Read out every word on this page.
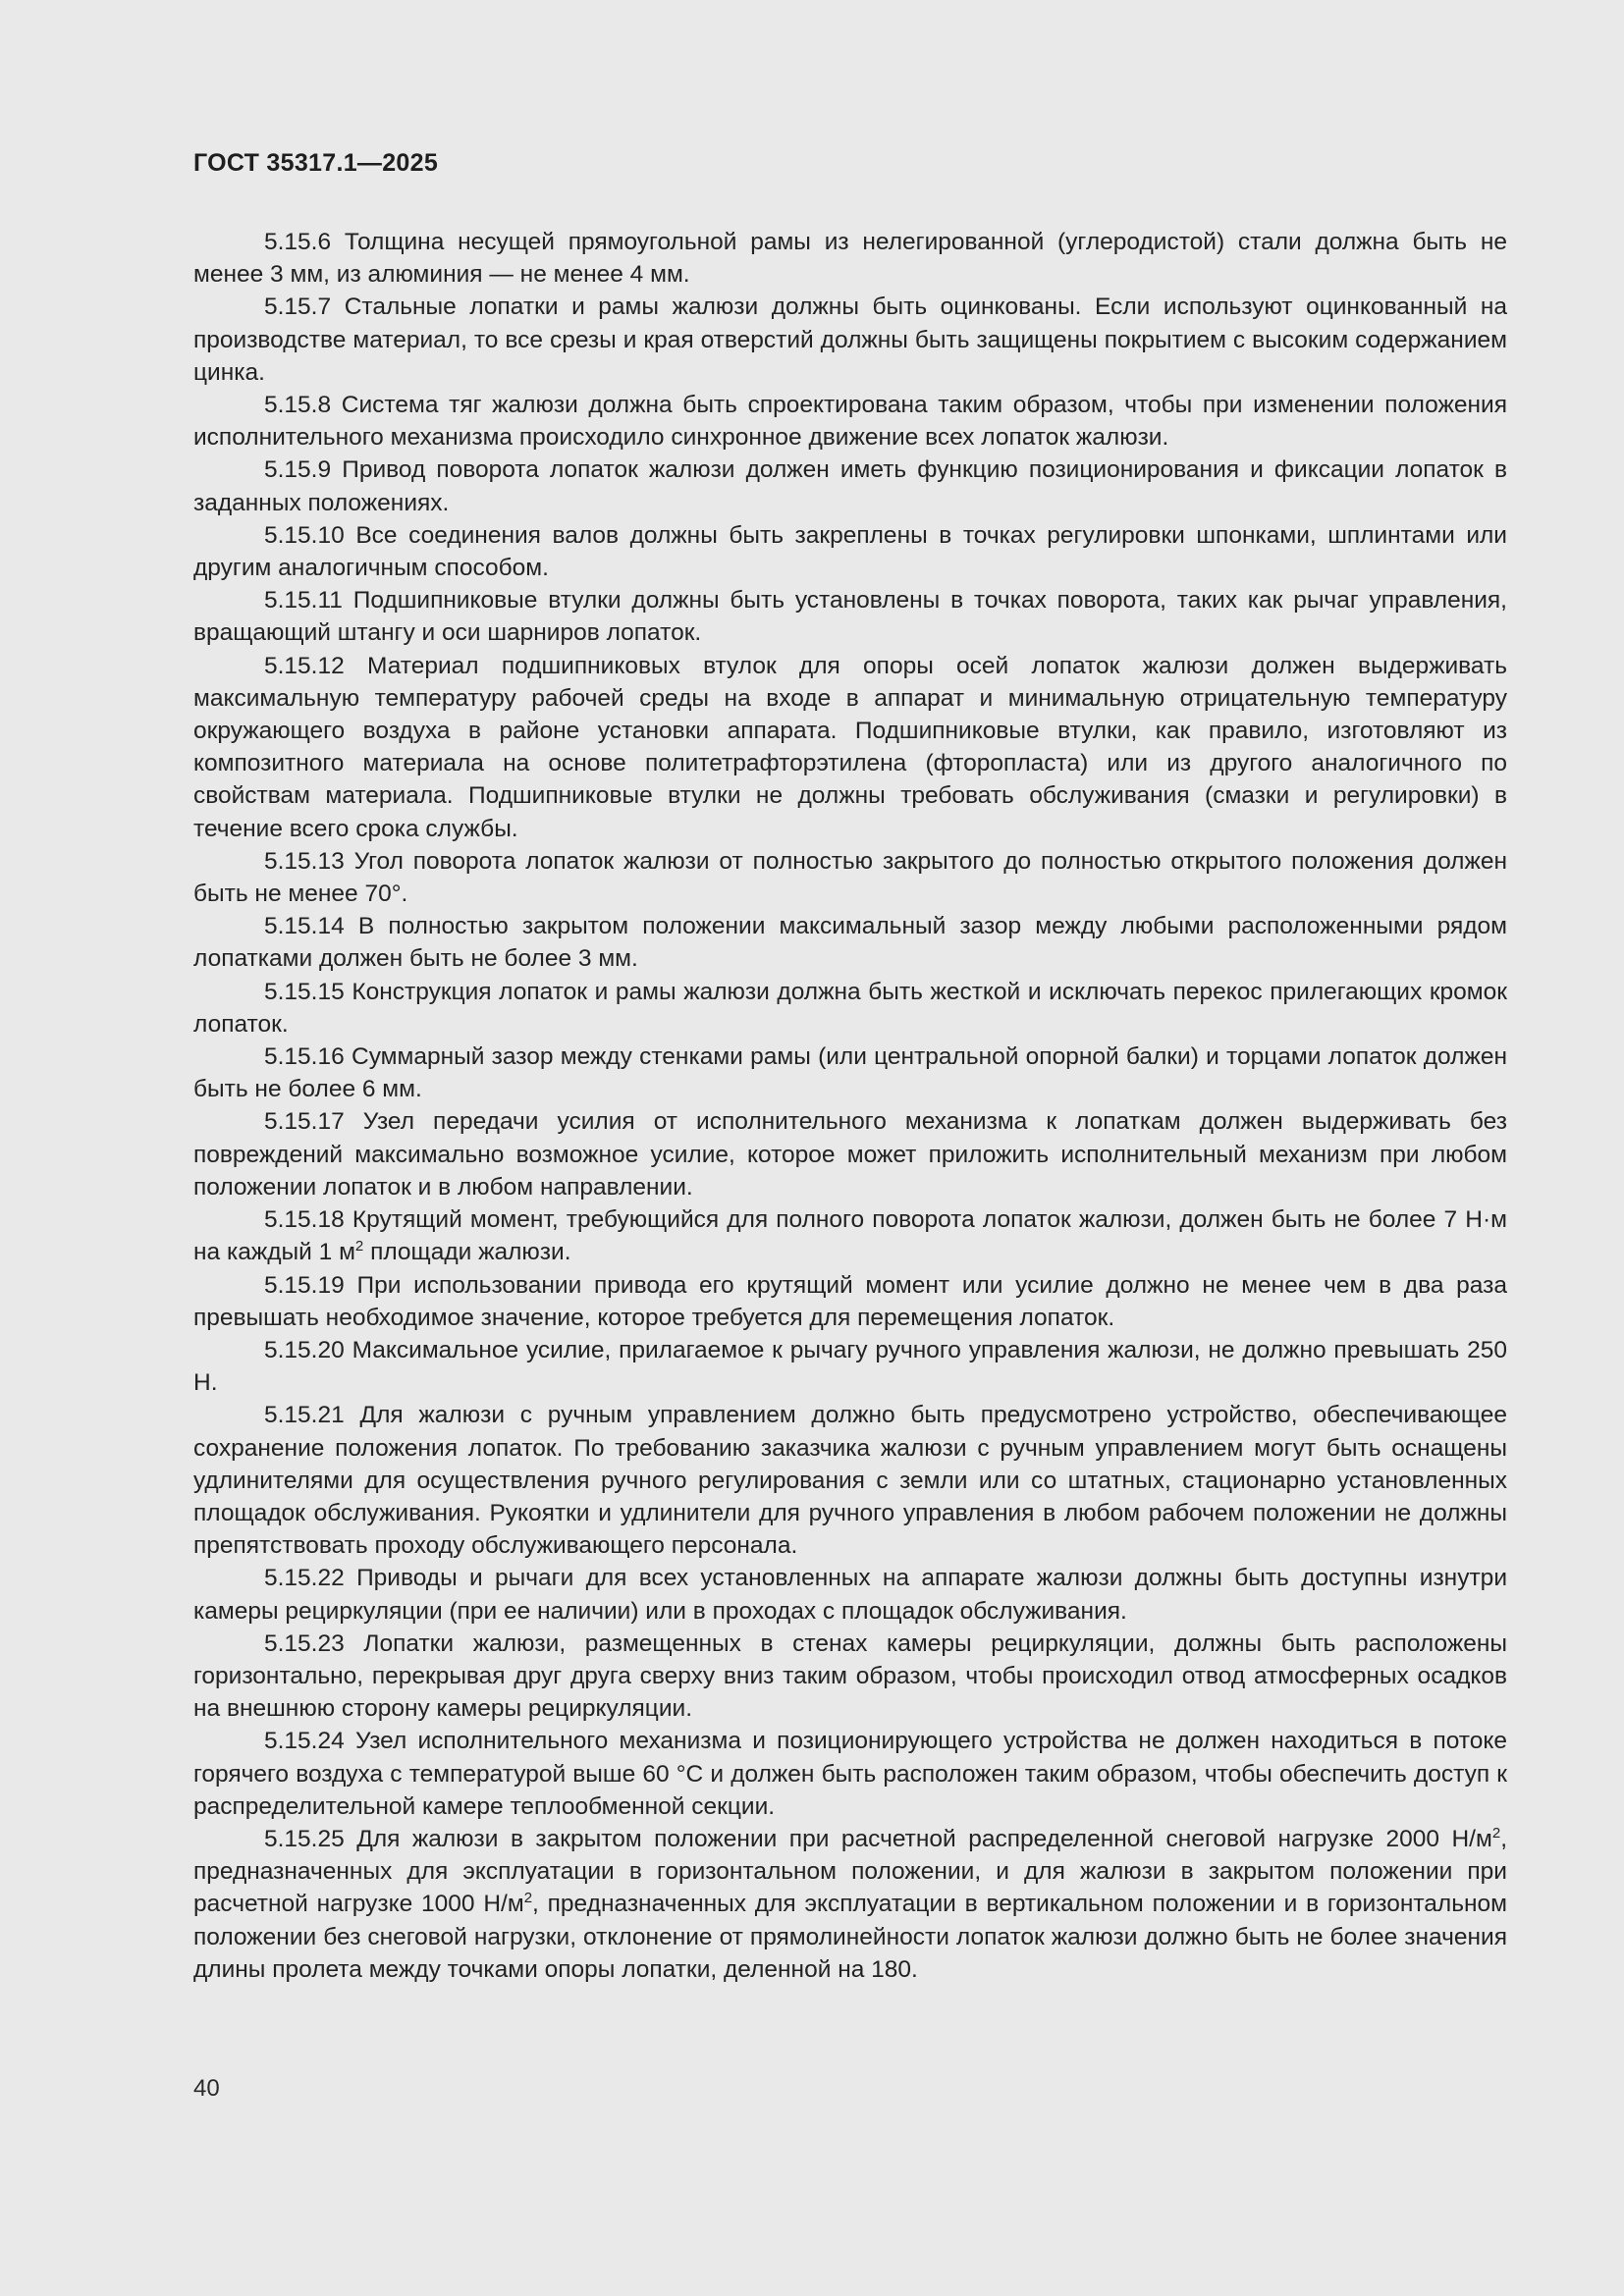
ГОСТ 35317.1—2025

5.15.6 Толщина несущей прямоугольной рамы из нелегированной (углеродистой) стали должна быть не менее 3 мм, из алюминия — не менее 4 мм.

5.15.7 Стальные лопатки и рамы жалюзи должны быть оцинкованы. Если используют оцинкованный на производстве материал, то все срезы и края отверстий должны быть защищены покрытием с высоким содержанием цинка.

5.15.8 Система тяг жалюзи должна быть спроектирована таким образом, чтобы при изменении положения исполнительного механизма происходило синхронное движение всех лопаток жалюзи.

5.15.9 Привод поворота лопаток жалюзи должен иметь функцию позиционирования и фиксации лопаток в заданных положениях.

5.15.10 Все соединения валов должны быть закреплены в точках регулировки шпонками, шплинтами или другим аналогичным способом.

5.15.11 Подшипниковые втулки должны быть установлены в точках поворота, таких как рычаг управления, вращающий штангу и оси шарниров лопаток.

5.15.12 Материал подшипниковых втулок для опоры осей лопаток жалюзи должен выдерживать максимальную температуру рабочей среды на входе в аппарат и минимальную отрицательную температуру окружающего воздуха в районе установки аппарата. Подшипниковые втулки, как правило, изготовляют из композитного материала на основе политетрафторэтилена (фторопласта) или из другого аналогичного по свойствам материала. Подшипниковые втулки не должны требовать обслуживания (смазки и регулировки) в течение всего срока службы.

5.15.13 Угол поворота лопаток жалюзи от полностью закрытого до полностью открытого положения должен быть не менее 70°.

5.15.14 В полностью закрытом положении максимальный зазор между любыми расположенными рядом лопатками должен быть не более 3 мм.

5.15.15 Конструкция лопаток и рамы жалюзи должна быть жесткой и исключать перекос прилегающих кромок лопаток.

5.15.16 Суммарный зазор между стенками рамы (или центральной опорной балки) и торцами лопаток должен быть не более 6 мм.

5.15.17 Узел передачи усилия от исполнительного механизма к лопаткам должен выдерживать без повреждений максимально возможное усилие, которое может приложить исполнительный механизм при любом положении лопаток и в любом направлении.

5.15.18 Крутящий момент, требующийся для полного поворота лопаток жалюзи, должен быть не более 7 Н·м на каждый 1 $м^2$ площади жалюзи.

5.15.19 При использовании привода его крутящий момент или усилие должно не менее чем в два раза превышать необходимое значение, которое требуется для перемещения лопаток.

5.15.20 Максимальное усилие, прилагаемое к рычагу ручного управления жалюзи, не должно превышать 250 Н.

5.15.21 Для жалюзи с ручным управлением должно быть предусмотрено устройство, обеспечивающее сохранение положения лопаток. По требованию заказчика жалюзи с ручным управлением могут быть оснащены удлинителями для осуществления ручного регулирования с земли или со штатных, стационарно установленных площадок обслуживания. Рукоятки и удлинители для ручного управления в любом рабочем положении не должны препятствовать проходу обслуживающего персонала.

5.15.22 Приводы и рычаги для всех установленных на аппарате жалюзи должны быть доступны изнутри камеры рециркуляции (при ее наличии) или в проходах с площадок обслуживания.

5.15.23 Лопатки жалюзи, размещенных в стенах камеры рециркуляции, должны быть расположены горизонтально, перекрывая друг друга сверху вниз таким образом, чтобы происходил отвод атмосферных осадков на внешнюю сторону камеры рециркуляции.

5.15.24 Узел исполнительного механизма и позиционирующего устройства не должен находиться в потоке горячего воздуха с температурой выше 60 °С и должен быть расположен таким образом, чтобы обеспечить доступ к распределительной камере теплообменной секции.

5.15.25 Для жалюзи в закрытом положении при расчетной распределенной снеговой нагрузке 2000 $Н/м^2$, предназначенных для эксплуатации в горизонтальном положении, и для жалюзи в закрытом положении при расчетной нагрузке 1000 $Н/м^2$, предназначенных для эксплуатации в вертикальном положении и в горизонтальном положении без снеговой нагрузки, отклонение от прямолинейности лопаток жалюзи должно быть не более значения длины пролета между точками опоры лопатки, деленной на 180.

40
